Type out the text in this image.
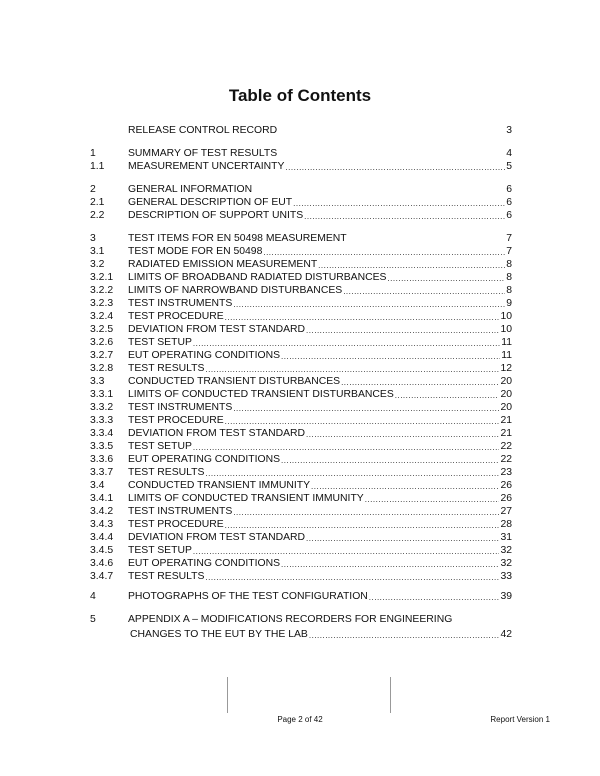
Table of Contents
RELEASE CONTROL RECORD	3
1	SUMMARY OF TEST RESULTS	4
1.1	MEASUREMENT UNCERTAINTY .....	5
2	GENERAL INFORMATION	6
2.1	GENERAL DESCRIPTION OF EUT .....	6
2.2	DESCRIPTION OF SUPPORT UNITS .....	6
3	TEST ITEMS FOR EN 50498 MEASUREMENT	7
3.1	TEST MODE FOR EN 50498 .....	7
3.2	RADIATED EMISSION MEASUREMENT .....	8
3.2.1	LIMITS OF BROADBAND RADIATED DISTURBANCES .....	8
3.2.2	LIMITS OF NARROWBAND DISTURBANCES .....	8
3.2.3	TEST INSTRUMENTS .....	9
3.2.4	TEST PROCEDURE .....	10
3.2.5	DEVIATION FROM TEST STANDARD .....	10
3.2.6	TEST SETUP .....	11
3.2.7	EUT OPERATING CONDITIONS .....	11
3.2.8	TEST RESULTS .....	12
3.3	CONDUCTED TRANSIENT DISTURBANCES .....	20
3.3.1	LIMITS OF CONDUCTED TRANSIENT DISTURBANCES .....	20
3.3.2	TEST INSTRUMENTS .....	20
3.3.3	TEST PROCEDURE .....	21
3.3.4	DEVIATION FROM TEST STANDARD .....	21
3.3.5	TEST SETUP .....	22
3.3.6	EUT OPERATING CONDITIONS .....	22
3.3.7	TEST RESULTS .....	23
3.4	CONDUCTED TRANSIENT IMMUNITY .....	26
3.4.1	LIMITS OF CONDUCTED TRANSIENT IMMUNITY .....	26
3.4.2	TEST INSTRUMENTS .....	27
3.4.3	TEST PROCEDURE .....	28
3.4.4	DEVIATION FROM TEST STANDARD .....	31
3.4.5	TEST SETUP .....	32
3.4.6	EUT OPERATING CONDITIONS .....	32
3.4.7	TEST RESULTS .....	33
4	PHOTOGRAPHS OF THE TEST CONFIGURATION .....	39
5	APPENDIX A – MODIFICATIONS RECORDERS FOR ENGINEERING
CHANGES TO THE EUT BY THE LAB .....	42
Page 2 of 42	Report Version 1
